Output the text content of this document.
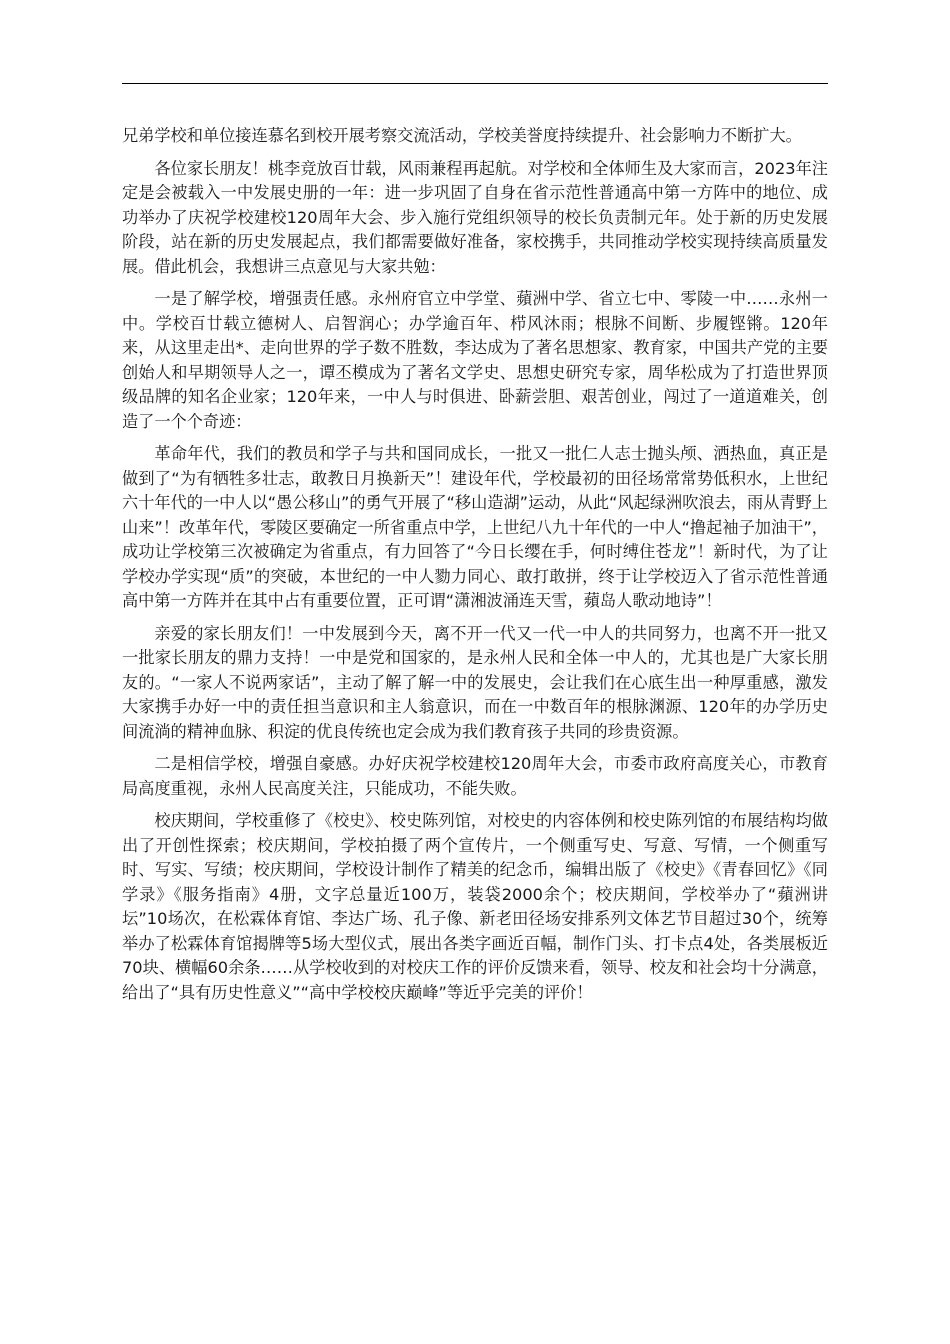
兄弟学校和单位接连慕名到校开展考察交流活动，学校美誉度持续提升、社会影响力不断扩大。

各位家长朋友！桃李竞放百廿载，风雨兼程再起航。对学校和全体师生及大家而言，2023年注定是会被载入一中发展史册的一年：进一步巩固了自身在省示范性普通高中第一方阵中的地位、成功举办了庆祝学校建校120周年大会、步入施行党组织领导的校长负责制元年。处于新的历史发展阶段，站在新的历史发展起点，我们都需要做好准备，家校携手，共同推动学校实现持续高质量发展。借此机会，我想讲三点意见与大家共勉：

一是了解学校，增强责任感。永州府官立中学堂、蘋洲中学、省立七中、零陵一中……永州一中。学校百廿载立德树人、启智润心；办学逾百年、栉风沐雨；根脉不间断、步履铿锵。120年来，从这里走出*、走向世界的学子数不胜数，李达成为了著名思想家、教育家，中国共产党的主要创始人和早期领导人之一，谭丕模成为了著名文学史、思想史研究专家，周华松成为了打造世界顶级品牌的知名企业家；120年来，一中人与时俱进、卧薪尝胆、艰苦创业，闯过了一道道难关，创造了一个个奇迹：

革命年代，我们的教员和学子与共和国同成长，一批又一批仁人志士抛头颅、洒热血，真正是做到了“为有牺牲多壮志，敢教日月换新天”！建设年代，学校最初的田径场常常势低积水，上世纪六十年代的一中人以“愚公移山”的勇气开展了“移山造湖”运动，从此“风起绿洲吹浪去，雨从青野上山来”！改革年代，零陵区要确定一所省重点中学，上世纪八九十年代的一中人“撸起袖子加油干”，成功让学校第三次被确定为省重点，有力回答了“今日长缨在手，何时缚住苍龙”！新时代，为了让学校办学实现“质”的突破，本世纪的一中人勠力同心、敢打敢拼，终于让学校迈入了省示范性普通高中第一方阵并在其中占有重要位置，正可谓“潇湘波涌连天雪，蘋岛人歌动地诗”！

亲爱的家长朋友们！一中发展到今天，离不开一代又一代一中人的共同努力，也离不开一批又一批家长朋友的鼎力支持！一中是党和国家的，是永州人民和全体一中人的，尤其也是广大家长朋友的。“一家人不说两家话”，主动了解了解一中的发展史，会让我们在心底生出一种厚重感，激发大家携手办好一中的责任担当意识和主人翁意识，而在一中数百年的根脉渊源、120年的办学历史间流淌的精神血脉、积淀的优良传统也定会成为我们教育孩子共同的珍贵资源。

二是相信学校，增强自豪感。办好庆祝学校建校120周年大会，市委市政府高度关心，市教育局高度重视，永州人民高度关注，只能成功，不能失败。

校庆期间，学校重修了《校史》、校史陈列馆，对校史的内容体例和校史陈列馆的布展结构均做出了开创性探索；校庆期间，学校拍摄了两个宣传片，一个侧重写史、写意、写情，一个侧重写时、写实、写绩；校庆期间，学校设计制作了精美的纪念币，编辑出版了《校史》《青春回忆》《同学录》《服务指南》4册，文字总量近100万，装袋2000余个；校庆期间，学校举办了“蘋洲讲坛”10场次，在松霖体育馆、李达广场、孔子像、新老田径场安排系列文体艺节目超过30个，统筹举办了松霖体育馆揭牌等5场大型仪式，展出各类字画近百幅，制作门头、打卡点4处，各类展板近70块、横幅60余条……从学校收到的对校庆工作的评价反馈来看，领导、校友和社会均十分满意，给出了“具有历史性意义”“高中学校校庆巅峰”等近乎完美的评价！
